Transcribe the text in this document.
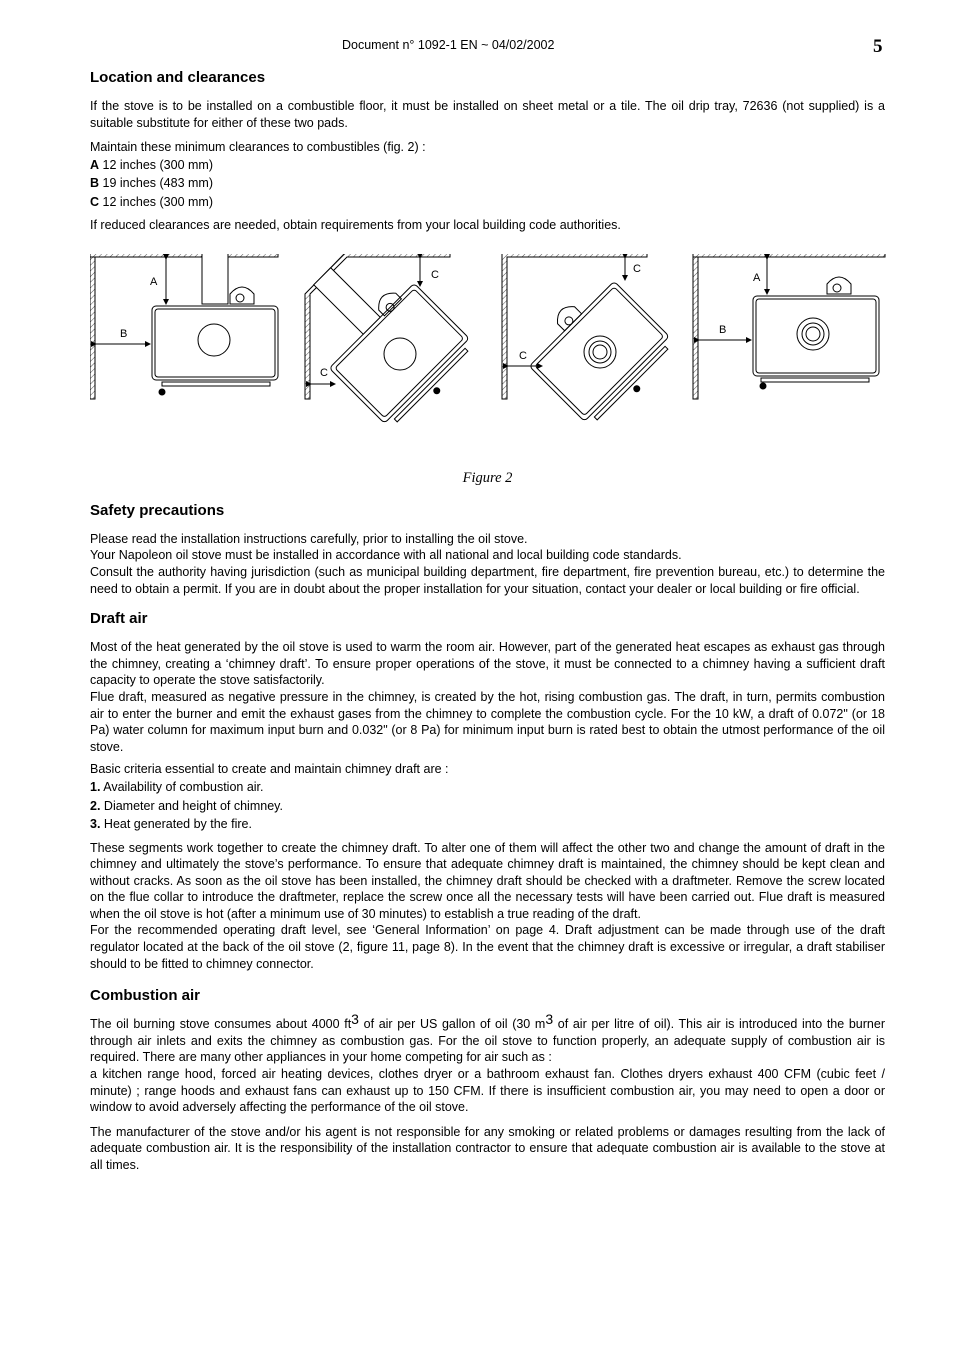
Document n° 1092-1 EN ~ 04/02/2002	5
Location and clearances

If the stove is to be installed on a combustible floor, it must be installed on sheet metal or a tile. The oil drip tray, 72636 (not supplied) is a suitable substitute for either of these two pads.

Maintain these minimum clearances to combustibles (fig. 2) :

A 12 inches (300 mm)
B 19 inches (483 mm)
C 12 inches (300 mm)

If reduced clearances are needed, obtain requirements from your local building code authorities.

A
B
C
C
C
C
A
B
Figure 2
Safety precautions

Please read the installation instructions carefully, prior to installing the oil stove.

Your Napoleon oil stove must be installed in accordance with all national and local building code standards.

Consult the authority having jurisdiction (such as municipal building department, fire department, fire prevention bureau, etc.) to determine the need to obtain a permit. If you are in doubt about the proper installation for your situation, contact your dealer or local building or fire official.

Draft air

Most of the heat generated by the oil stove is used to warm the room air. However, part of the generated heat escapes as exhaust gas through the chimney, creating a ‘chimney draft’. To ensure proper operations of the stove, it must be connected to a chimney having a sufficient draft capacity to operate the stove satisfactorily.

Flue draft, measured as negative pressure in the chimney, is created by the hot, rising combustion gas. The draft, in turn, permits combustion air to enter the burner and emit the exhaust gases from the chimney to complete the combustion cycle. For the 10 kW, a draft of 0.072" (or 18 Pa) water column for maximum input burn and 0.032" (or 8 Pa) for minimum input burn is rated best to obtain the utmost performance of the oil stove.

Basic criteria essential to create and maintain chimney draft are :

1. Availability of combustion air.
2. Diameter and height of chimney.
3. Heat generated by the fire.

These segments work together to create the chimney draft. To alter one of them will affect the other two and change the amount of draft in the chimney and ultimately the stove’s performance. To ensure that adequate chimney draft is maintained, the chimney should be kept clean and without cracks. As soon as the oil stove has been installed, the chimney draft should be checked with a draftmeter. Remove the screw located on the flue collar to introduce the draftmeter, replace the screw once all the necessary tests will have been carried out. Flue draft is measured when the oil stove is hot (after a minimum use of 30 minutes) to establish a true reading of the draft.

For the recommended operating draft level, see ‘General Information’ on page 4. Draft adjustment can be made through use of the draft regulator located at the back of the oil stove (2, figure 11, page 8). In the event that the chimney draft is excessive or irregular, a draft stabiliser should to be fitted to chimney connector.

Combustion air

The oil burning stove consumes about 4000 $ft^3$ of air per US gallon of oil (30 $m^3$ of air per litre of oil). This air is introduced into the burner through air inlets and exits the chimney as combustion gas. For the oil stove to function properly, an adequate supply of combustion air is required. There are many other appliances in your home competing for air such as :

a kitchen range hood, forced air heating devices, clothes dryer or a bathroom exhaust fan. Clothes dryers exhaust 400 CFM (cubic feet / minute) ; range hoods and exhaust fans can exhaust up to 150 CFM. If there is insufficient combustion air, you may need to open a door or window to avoid adversely affecting the performance of the oil stove.

The manufacturer of the stove and/or his agent is not responsible for any smoking or related problems or damages resulting from the lack of adequate combustion air. It is the responsibility of the installation contractor to ensure that adequate combustion air is available to the stove at all times.
